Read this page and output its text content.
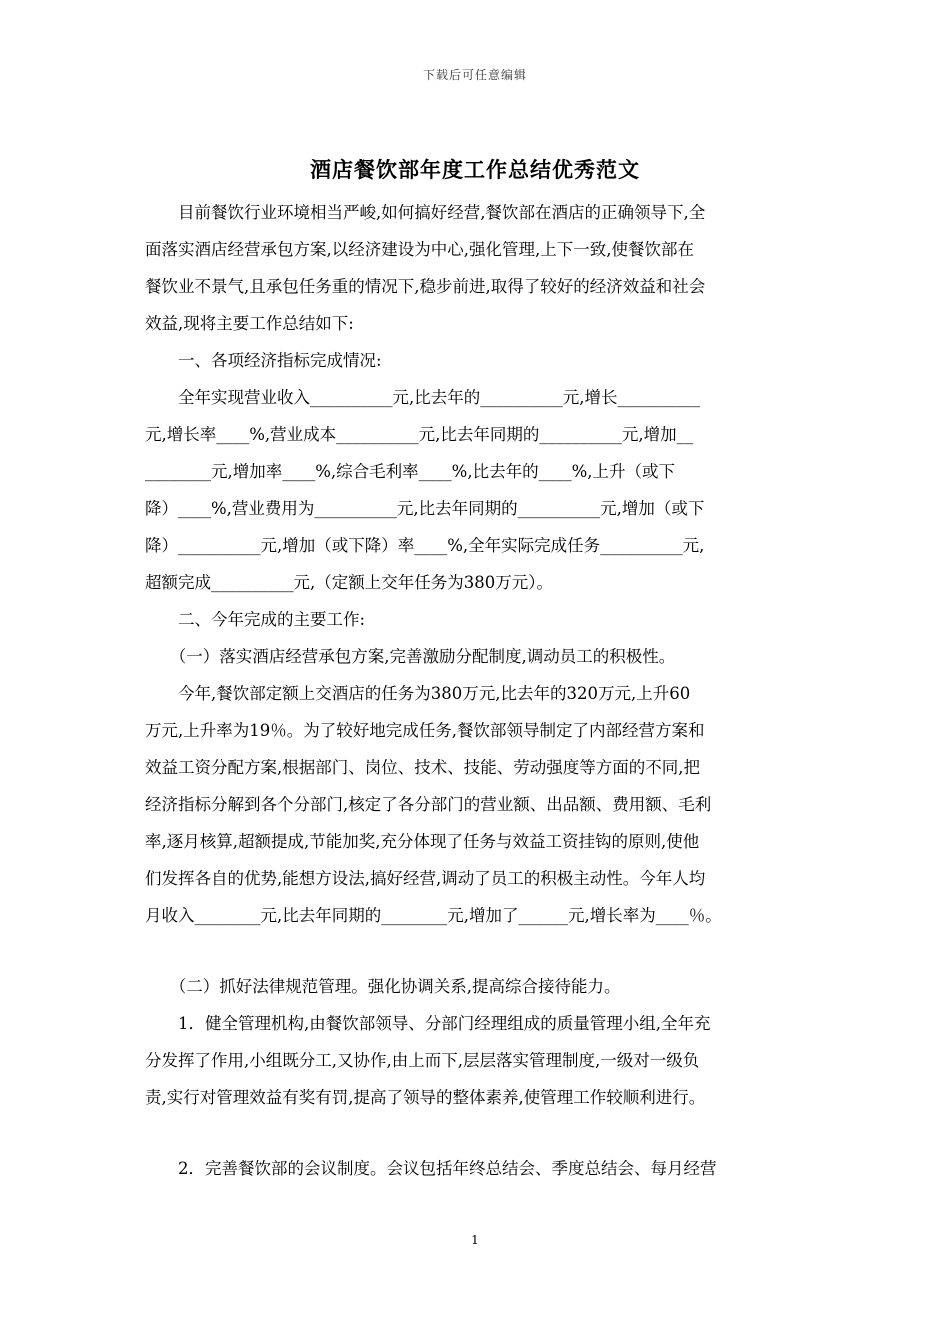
下载后可任意编辑
酒店餐饮部年度工作总结优秀范文
　　目前餐饮行业环境相当严峻,如何搞好经营,餐饮部在酒店的正确领导下,全
面落实酒店经营承包方案,以经济建设为中心,强化管理,上下一致,使餐饮部在
餐饮业不景气,且承包任务重的情况下,稳步前进,取得了较好的经济效益和社会
效益,现将主要工作总结如下:
　　一、各项经济指标完成情况:
　　全年实现营业收入__________元,比去年的__________元,增长__________
元,增长率____%,营业成本__________元,比去年同期的__________元,增加__
________元,增加率____%,综合毛利率____%,比去年的____%,上升（或下
降）____%,营业费用为__________元,比去年同期的__________元,增加（或下
降）__________元,增加（或下降）率____%,全年实际完成任务__________元,
超额完成__________元,（定额上交年任务为380万元）。
　　二、今年完成的主要工作:
　　（一）落实酒店经营承包方案,完善激励分配制度,调动员工的积极性。
　　今年,餐饮部定额上交酒店的任务为380万元,比去年的320万元,上升60
万元,上升率为19％。为了较好地完成任务,餐饮部领导制定了内部经营方案和
效益工资分配方案,根据部门、岗位、技术、技能、劳动强度等方面的不同,把
经济指标分解到各个分部门,核定了各分部门的营业额、出品额、费用额、毛利
率,逐月核算,超额提成,节能加奖,充分体现了任务与效益工资挂钩的原则,使他
们发挥各自的优势,能想方设法,搞好经营,调动了员工的积极主动性。今年人均
月收入________元,比去年同期的________元,增加了______元,增长率为____％。
　　（二）抓好法律规范管理。强化协调关系,提高综合接待能力。
　　1．健全管理机构,由餐饮部领导、分部门经理组成的质量管理小组,全年充
分发挥了作用,小组既分工,又协作,由上而下,层层落实管理制度,一级对一级负
责,实行对管理效益有奖有罚,提高了领导的整体素养,使管理工作较顺利进行。
　　2．完善餐饮部的会议制度。会议包括年终总结会、季度总结会、每月经营
1
